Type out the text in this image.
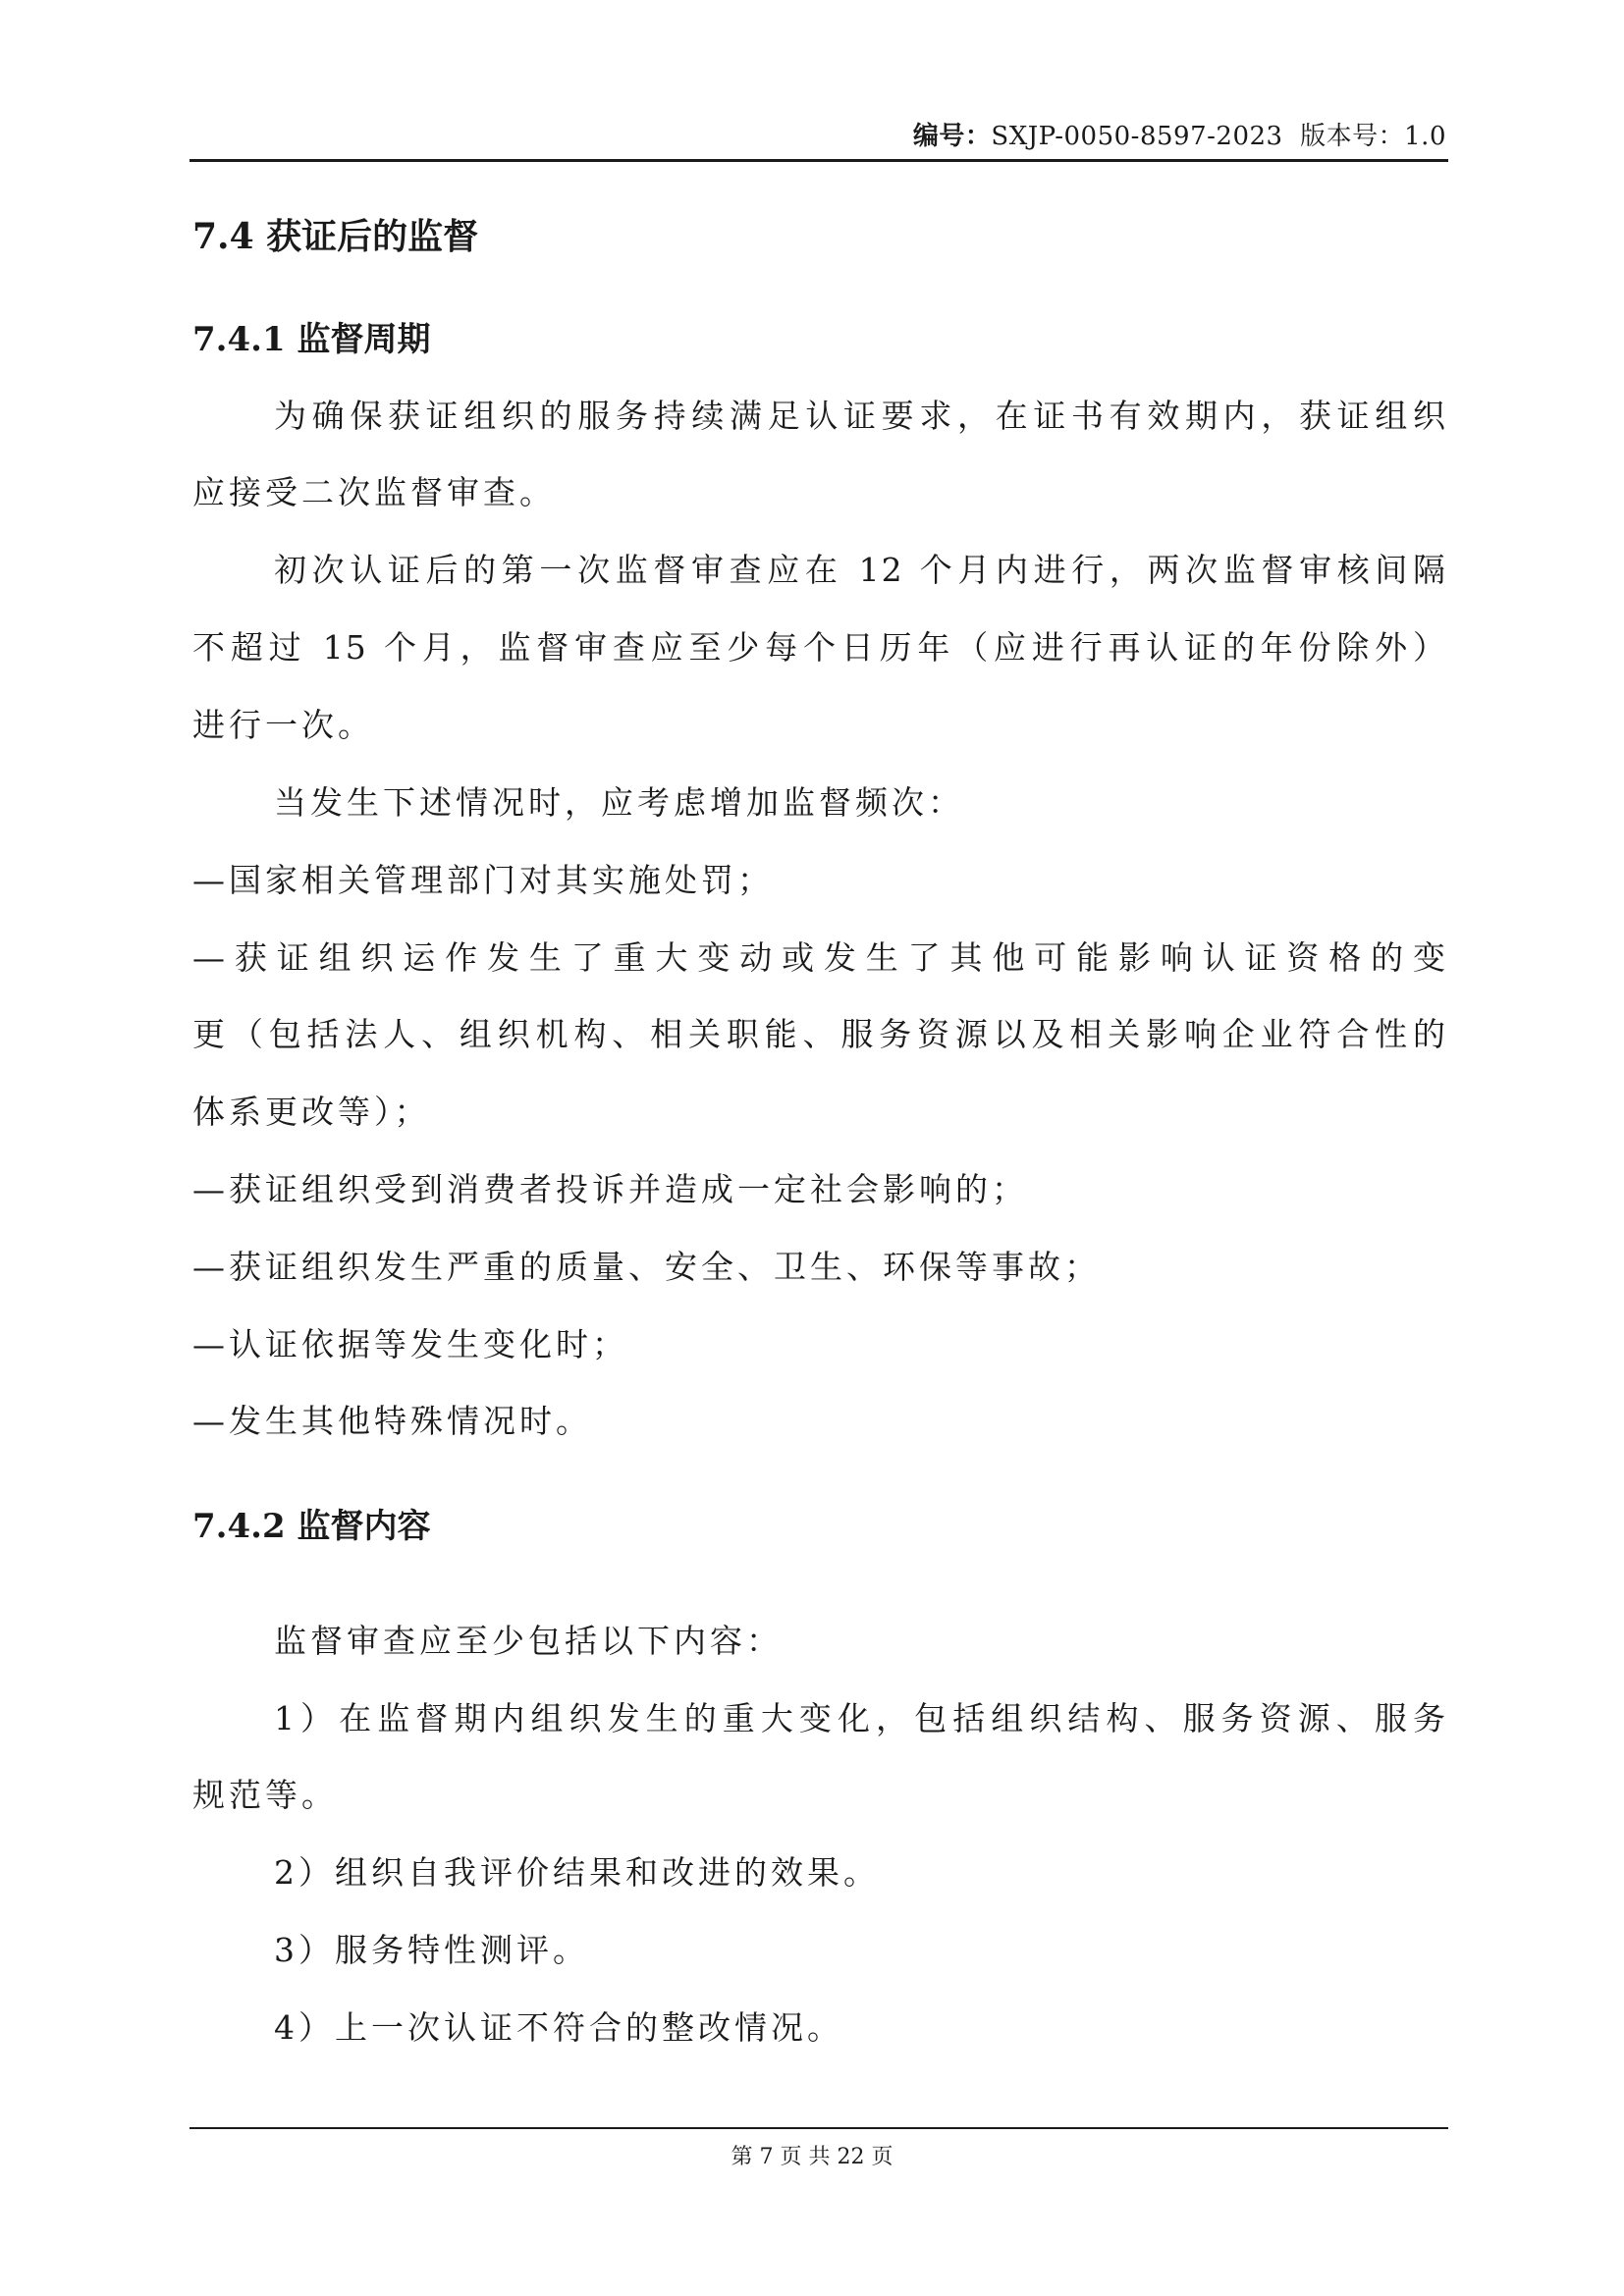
编号：SXJP-0050-8597-2023 版本号：1.0
7.4 获证后的监督
7.4.1 监督周期
为确保获证组织的服务持续满足认证要求，在证书有效期内，获证组织
应接受二次监督审查。
初次认证后的第一次监督审查应在 12 个月内进行，两次监督审核间隔
不超过 15 个月，监督审查应至少每个日历年（应进行再认证的年份除外）
进行一次。
当发生下述情况时，应考虑增加监督频次：
—国家相关管理部门对其实施处罚；
—获证组织运作发生了重大变动或发生了其他可能影响认证资格的变
更（包括法人、组织机构、相关职能、服务资源以及相关影响企业符合性的
体系更改等）；
—获证组织受到消费者投诉并造成一定社会影响的；
—获证组织发生严重的质量、安全、卫生、环保等事故；
—认证依据等发生变化时；
—发生其他特殊情况时。
7.4.2 监督内容
监督审查应至少包括以下内容：
1）在监督期内组织发生的重大变化，包括组织结构、服务资源、服务
规范等。
2）组织自我评价结果和改进的效果。
3）服务特性测评。
4）上一次认证不符合的整改情况。
第 7 页 共 22 页
